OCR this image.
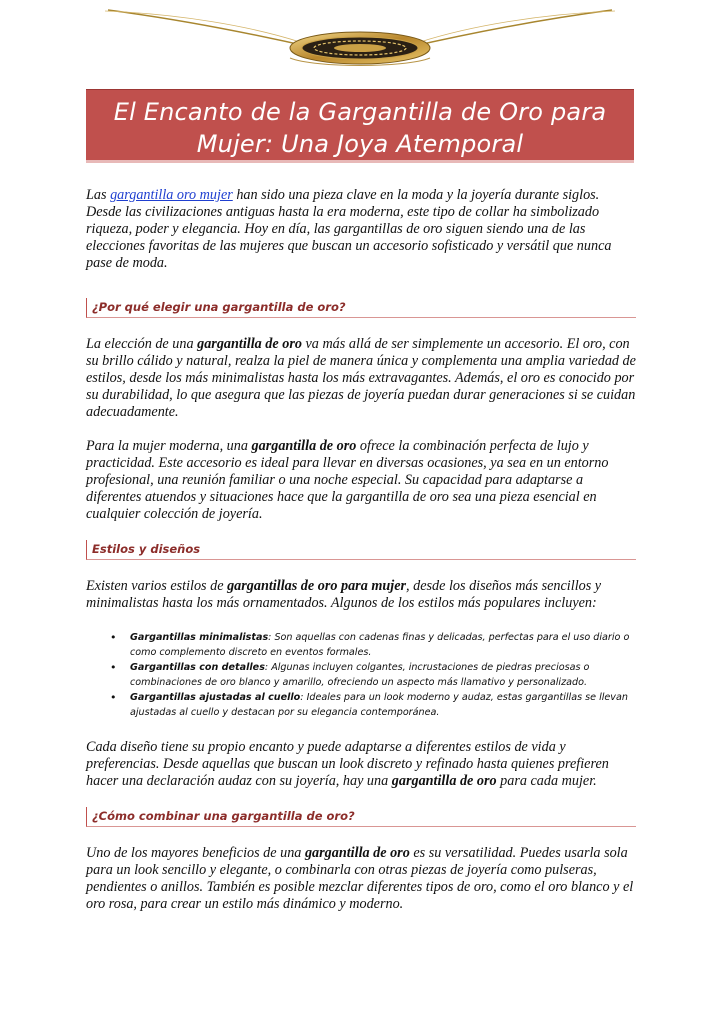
El Encanto de la Gargantilla de Oro para
Mujer: Una Joya Atemporal

Las gargantilla oro mujer han sido una pieza clave en la moda y la joyería durante siglos. Desde las civilizaciones antiguas hasta la era moderna, este tipo de collar ha simbolizado riqueza, poder y elegancia. Hoy en día, las gargantillas de oro siguen siendo una de las elecciones favoritas de las mujeres que buscan un accesorio sofisticado y versátil que nunca pase de moda.

¿Por qué elegir una gargantilla de oro?

La elección de una gargantilla de oro va más allá de ser simplemente un accesorio. El oro, con su brillo cálido y natural, realza la piel de manera única y complementa una amplia variedad de estilos, desde los más minimalistas hasta los más extravagantes. Además, el oro es conocido por su durabilidad, lo que asegura que las piezas de joyería puedan durar generaciones si se cuidan adecuadamente.

Para la mujer moderna, una gargantilla de oro ofrece la combinación perfecta de lujo y practicidad. Este accesorio es ideal para llevar en diversas ocasiones, ya sea en un entorno profesional, una reunión familiar o una noche especial. Su capacidad para adaptarse a diferentes atuendos y situaciones hace que la gargantilla de oro sea una pieza esencial en cualquier colección de joyería.

Estilos y diseños

Existen varios estilos de gargantillas de oro para mujer, desde los diseños más sencillos y minimalistas hasta los más ornamentados. Algunos de los estilos más populares incluyen:

• Gargantillas minimalistas: Son aquellas con cadenas finas y delicadas, perfectas para el uso diario o como complemento discreto en eventos formales.
• Gargantillas con detalles: Algunas incluyen colgantes, incrustaciones de piedras preciosas o combinaciones de oro blanco y amarillo, ofreciendo un aspecto más llamativo y personalizado.
• Gargantillas ajustadas al cuello: Ideales para un look moderno y audaz, estas gargantillas se llevan ajustadas al cuello y destacan por su elegancia contemporánea.

Cada diseño tiene su propio encanto y puede adaptarse a diferentes estilos de vida y preferencias. Desde aquellas que buscan un look discreto y refinado hasta quienes prefieren hacer una declaración audaz con su joyería, hay una gargantilla de oro para cada mujer.

¿Cómo combinar una gargantilla de oro?

Uno de los mayores beneficios de una gargantilla de oro es su versatilidad. Puedes usarla sola para un look sencillo y elegante, o combinarla con otras piezas de joyería como pulseras, pendientes o anillos. También es posible mezclar diferentes tipos de oro, como el oro blanco y el oro rosa, para crear un estilo más dinámico y moderno.
